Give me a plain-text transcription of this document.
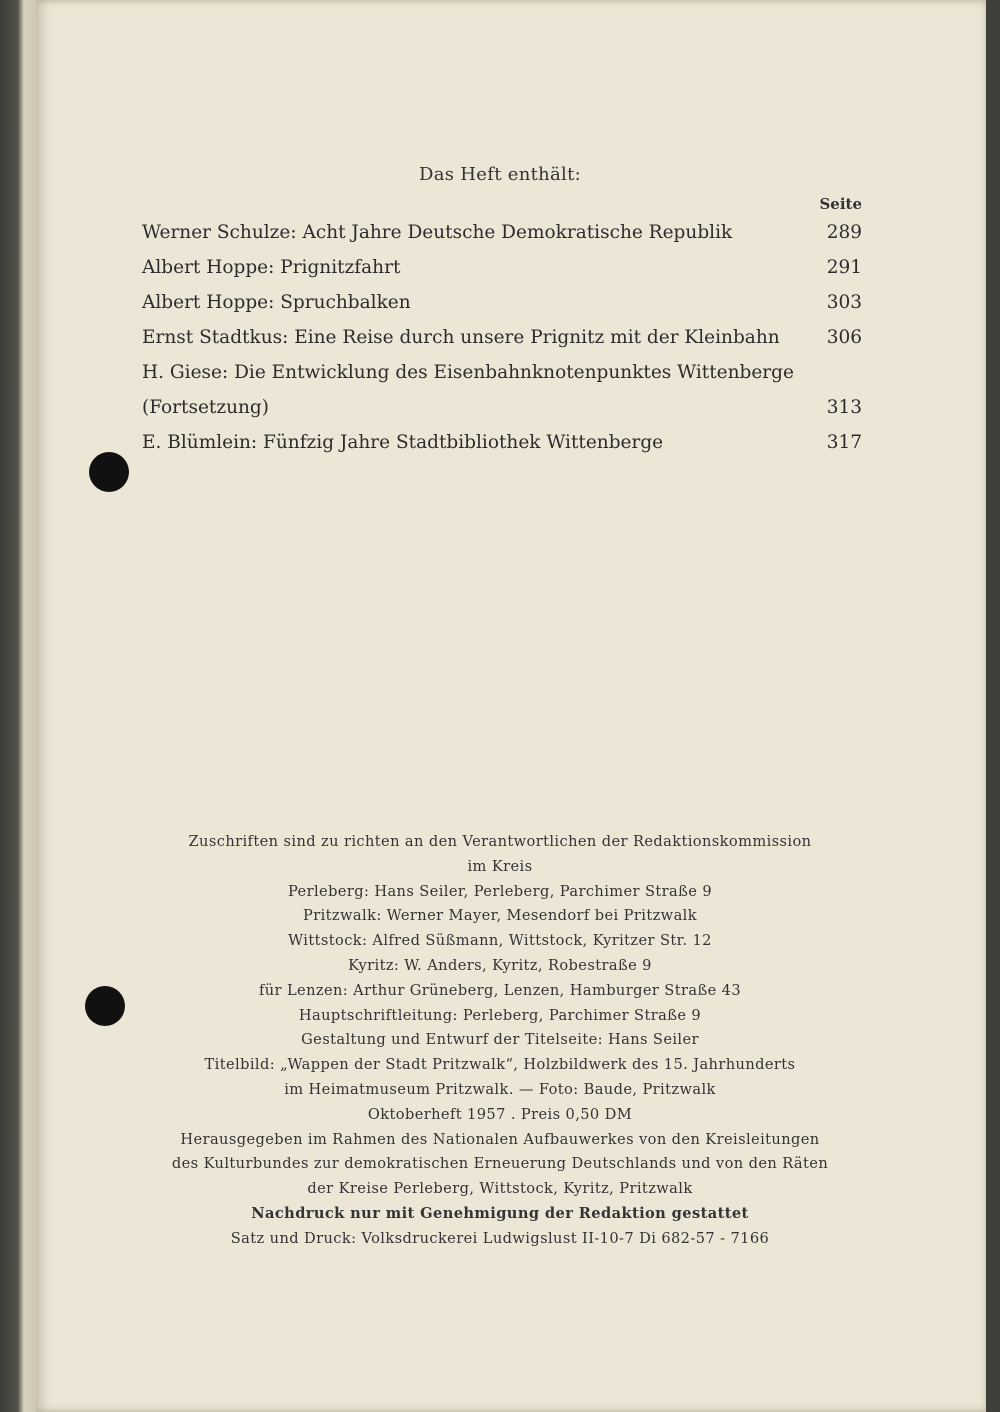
Das Heft enthält:
Seite
Werner Schulze: Acht Jahre Deutsche Demokratische Republik	289
Albert Hoppe: Prignitzfahrt	291
Albert Hoppe: Spruchbalken	303
Ernst Stadtkus: Eine Reise durch unsere Prignitz mit der Kleinbahn	306
H. Giese: Die Entwicklung des Eisenbahnknotenpunktes Wittenberge
(Fortsetzung)	313
E. Blümlein: Fünfzig Jahre Stadtbibliothek Wittenberge	317
Zuschriften sind zu richten an den Verantwortlichen der Redaktionskommission
im Kreis
Perleberg: Hans Seiler, Perleberg, Parchimer Straße 9
Pritzwalk: Werner Mayer, Mesendorf bei Pritzwalk
Wittstock: Alfred Süßmann, Wittstock, Kyritzer Str. 12
Kyritz: W. Anders, Kyritz, Robestraße 9
für Lenzen: Arthur Grüneberg, Lenzen, Hamburger Straße 43
Hauptschriftleitung: Perleberg, Parchimer Straße 9
Gestaltung und Entwurf der Titelseite: Hans Seiler
Titelbild: „Wappen der Stadt Pritzwalk“, Holzbildwerk des 15. Jahrhunderts
im Heimatmuseum Pritzwalk. — Foto: Baude, Pritzwalk
Oktoberheft 1957 . Preis 0,50 DM
Herausgegeben im Rahmen des Nationalen Aufbauwerkes von den Kreisleitungen
des Kulturbundes zur demokratischen Erneuerung Deutschlands und von den Räten
der Kreise Perleberg, Wittstock, Kyritz, Pritzwalk
Nachdruck nur mit Genehmigung der Redaktion gestattet
Satz und Druck: Volksdruckerei Ludwigslust II-10-7 Di 682-57 - 7166
